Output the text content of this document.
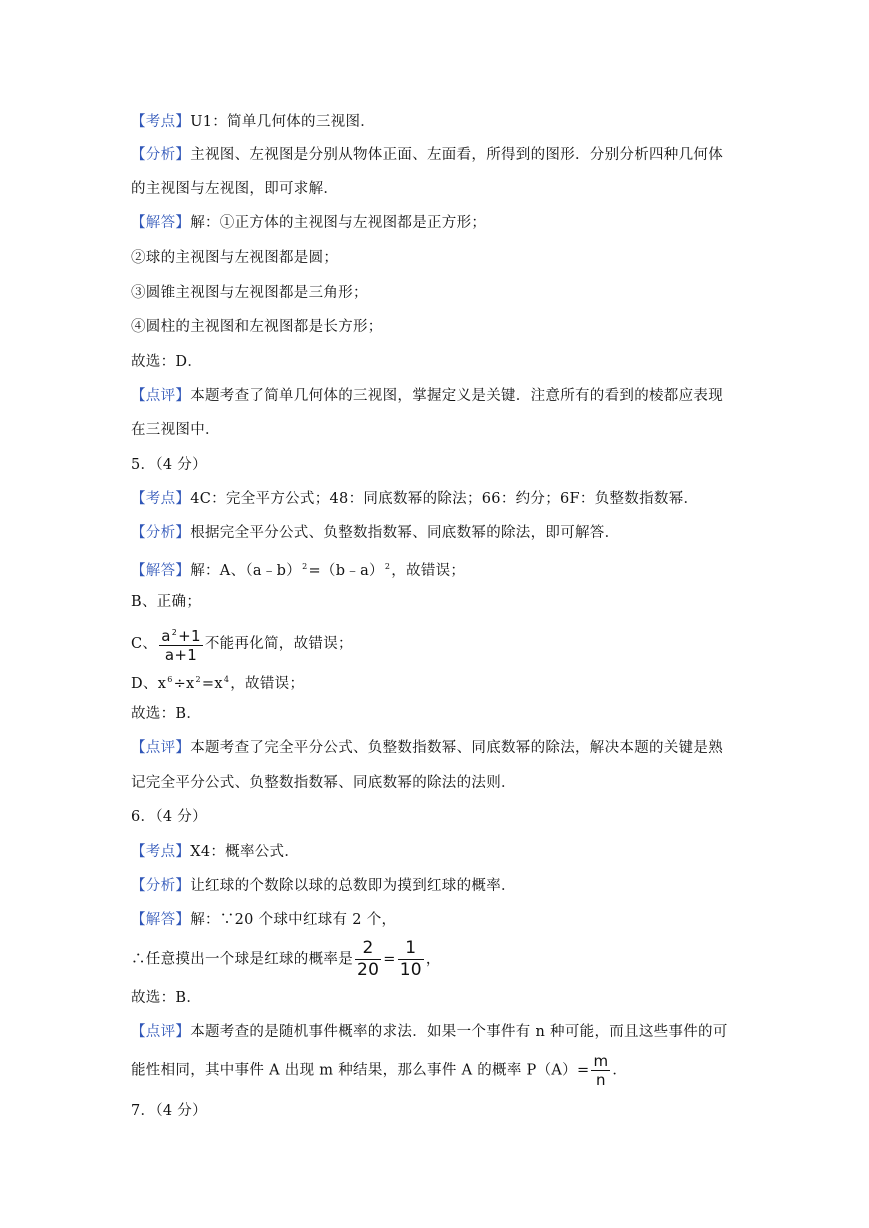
【考点】U1：简单几何体的三视图．
【分析】主视图、左视图是分别从物体正面、左面看，所得到的图形．分别分析四种几何体
的主视图与左视图，即可求解．
【解答】解：①正方体的主视图与左视图都是正方形；
②球的主视图与左视图都是圆；
③圆锥主视图与左视图都是三角形；
④圆柱的主视图和左视图都是长方形；
故选：D．
【点评】本题考查了简单几何体的三视图，掌握定义是关键．注意所有的看到的棱都应表现
在三视图中．
5．（4 分）
【考点】4C：完全平方公式；48：同底数幂的除法；66：约分；6F：负整数指数幂．
【分析】根据完全平分公式、负整数指数幂、同底数幂的除法，即可解答．
【解答】解：A、（a﹣b）$^2$=（b﹣a）$^2$，故错误；
B、正确；
C、 $\frac{a^2+1}{a+1}$ 不能再化简，故错误；
D、$x^6\div x^2=x^4$，故错误；
故选：B．
【点评】本题考查了完全平分公式、负整数指数幂、同底数幂的除法，解决本题的关键是熟
记完全平分公式、负整数指数幂、同底数幂的除法的法则．
6．（4 分）
【考点】X4：概率公式．
【分析】让红球的个数除以球的总数即为摸到红球的概率．
【解答】解：∵20 个球中红球有 2 个，
∴任意摸出一个球是红球的概率是 $\frac{2}{20} = \frac{1}{10}$ ，
故选：B．
【点评】本题考查的是随机事件概率的求法．如果一个事件有 n 种可能，而且这些事件的可
能性相同，其中事件 A 出现 m 种结果，那么事件 A 的概率 $P(A)= \frac{m}{n}$ ．
7．（4 分）
